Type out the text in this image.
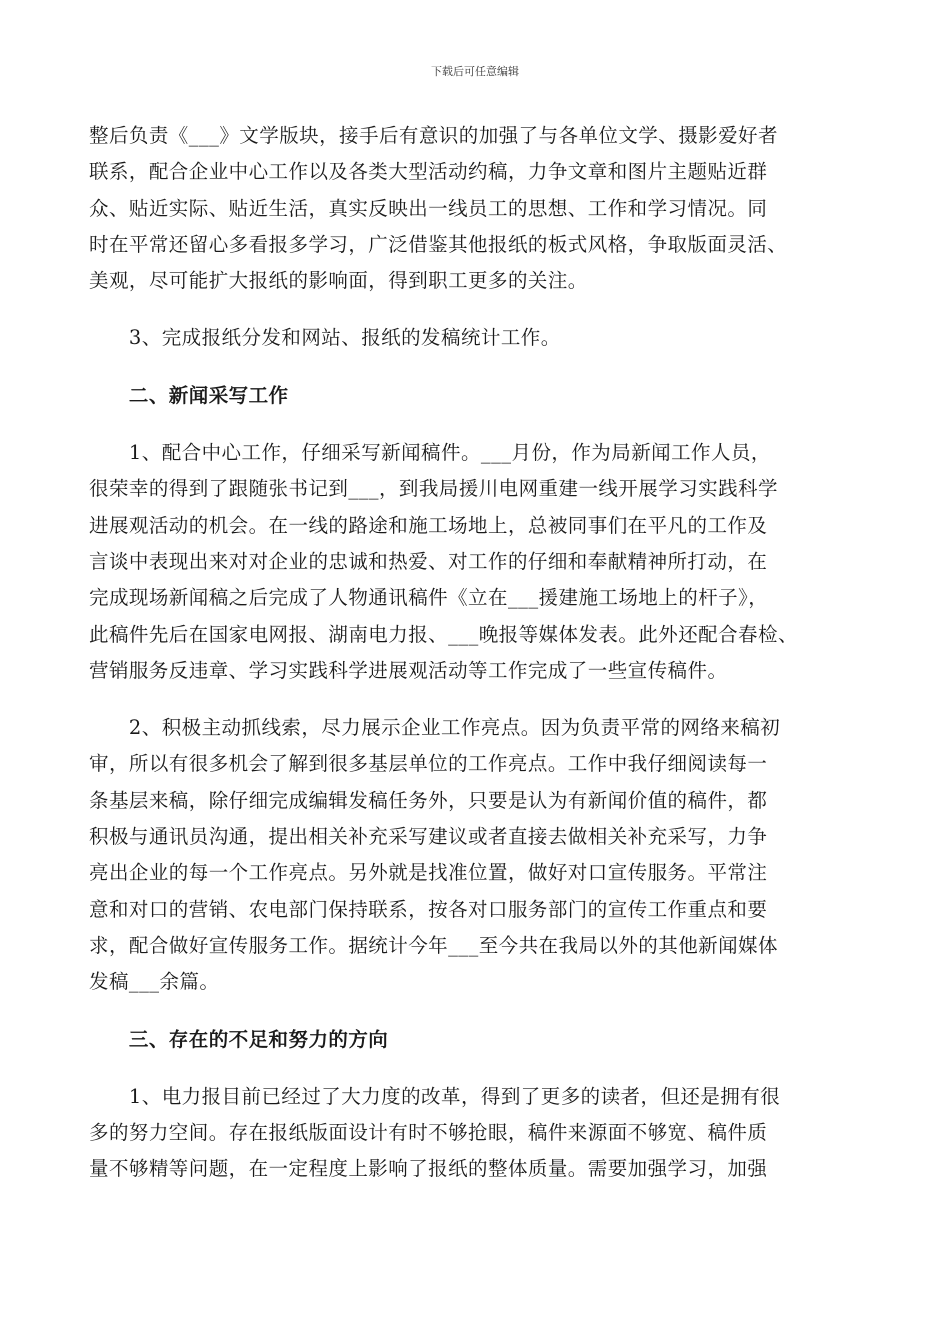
下载后可任意编辑
整后负责《___》文学版块，接手后有意识的加强了与各单位文学、摄影爱好者
联系，配合企业中心工作以及各类大型活动约稿，力争文章和图片主题贴近群
众、贴近实际、贴近生活，真实反映出一线员工的思想、工作和学习情况。同
时在平常还留心多看报多学习，广泛借鉴其他报纸的板式风格，争取版面灵活、
美观，尽可能扩大报纸的影响面，得到职工更多的关注。
　　3、完成报纸分发和网站、报纸的发稿统计工作。
　　二、新闻采写工作
　　1、配合中心工作，仔细采写新闻稿件。___月份，作为局新闻工作人员，
很荣幸的得到了跟随张书记到___，到我局援川电网重建一线开展学习实践科学
进展观活动的机会。在一线的路途和施工场地上，总被同事们在平凡的工作及
言谈中表现出来对对企业的忠诚和热爱、对工作的仔细和奉献精神所打动，在
完成现场新闻稿之后完成了人物通讯稿件《立在___援建施工场地上的杆子》，
此稿件先后在国家电网报、湖南电力报、___晚报等媒体发表。此外还配合春检、
营销服务反违章、学习实践科学进展观活动等工作完成了一些宣传稿件。
　　2、积极主动抓线索，尽力展示企业工作亮点。因为负责平常的网络来稿初
审，所以有很多机会了解到很多基层单位的工作亮点。工作中我仔细阅读每一
条基层来稿，除仔细完成编辑发稿任务外，只要是认为有新闻价值的稿件，都
积极与通讯员沟通，提出相关补充采写建议或者直接去做相关补充采写，力争
亮出企业的每一个工作亮点。另外就是找准位置，做好对口宣传服务。平常注
意和对口的营销、农电部门保持联系，按各对口服务部门的宣传工作重点和要
求，配合做好宣传服务工作。据统计今年___至今共在我局以外的其他新闻媒体
发稿___余篇。
　　三、存在的不足和努力的方向
　　1、电力报目前已经过了大力度的改革，得到了更多的读者，但还是拥有很
多的努力空间。存在报纸版面设计有时不够抢眼，稿件来源面不够宽、稿件质
量不够精等问题，在一定程度上影响了报纸的整体质量。需要加强学习，加强
